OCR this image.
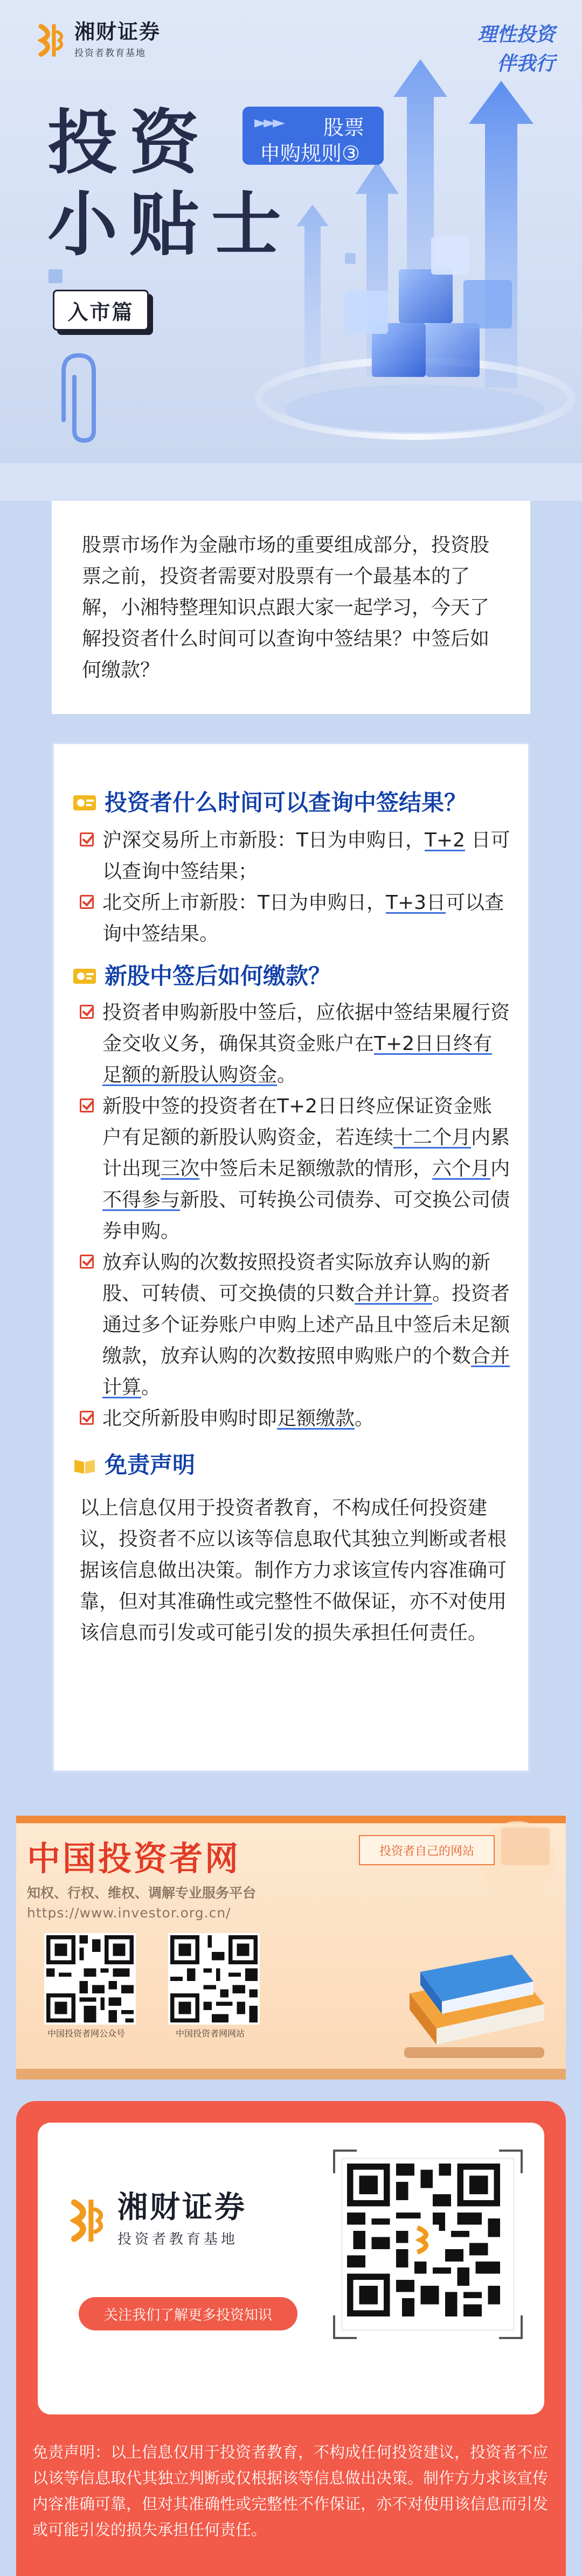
湘财证券
投资者教育基地
理性投资
伴我行
投资
小贴士
►►► 股票
申购规则③
入市篇
股票市场作为金融市场的重要组成部分，投资股票之前，投资者需要对股票有一个最基本的了解，小湘特整理知识点跟大家一起学习，今天了解投资者什么时间可以查询中签结果？中签后如何缴款？
投资者什么时间可以查询中签结果？
沪深交易所上市新股：T日为申购日，T+2 日可以查询中签结果；
北交所上市新股：T日为申购日，T+3日可以查询中签结果。
新股中签后如何缴款？
投资者申购新股中签后，应依据中签结果履行资金交收义务，确保其资金账户在T+2日日终有足额的新股认购资金。
新股中签的投资者在T+2日日终应保证资金账户有足额的新股认购资金，若连续十二个月内累计出现三次中签后未足额缴款的情形，六个月内不得参与新股、可转换公司债券、可交换公司债券申购。
放弃认购的次数按照投资者实际放弃认购的新股、可转债、可交换债的只数合并计算。投资者通过多个证券账户申购上述产品且中签后未足额缴款，放弃认购的次数按照申购账户的个数合并计算。
北交所新股申购时即足额缴款。
免责声明
以上信息仅用于投资者教育，不构成任何投资建议，投资者不应以该等信息取代其独立判断或者根据该信息做出决策。制作方力求该宣传内容准确可靠，但对其准确性或完整性不做保证，亦不对使用该信息而引发或可能引发的损失承担任何责任。
中国投资者网	投资者自己的网站
知权、行权、维权、调解专业服务平台
https://www.investor.org.cn/
中国投资者网公众号	中国投资者网网站
湘财证券
投资者教育基地
关注我们了解更多投资知识
免责声明：以上信息仅用于投资者教育，不构成任何投资建议，投资者不应以该等信息取代其独立判断或仅根据该等信息做出决策。制作方力求该宣传内容准确可靠，但对其准确性或完整性不作保证，亦不对使用该信息而引发或可能引发的损失承担任何责任。
